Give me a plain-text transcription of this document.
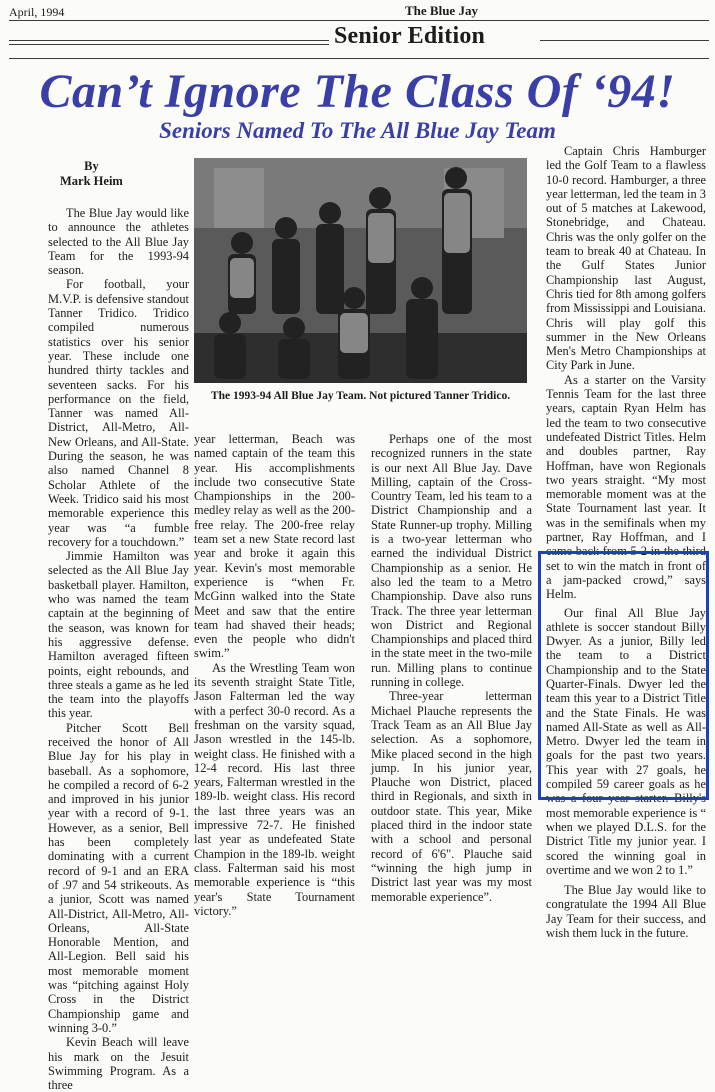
April, 1994	The Blue Jay
Senior Edition
Can’t Ignore The Class Of ‘94!
Seniors Named To The All Blue Jay Team
By
Mark Heim

The Blue Jay would like to announce the athletes selected to the All Blue Jay Team for the 1993-94 season.

For football, your M.V.P. is defensive standout Tanner Tridico. Tridico compiled numerous statistics over his senior year. These include one hundred thirty tackles and seventeen sacks. For his performance on the field, Tanner was named All-District, All-Metro, All-New Orleans, and All-State. During the season, he was also named Channel 8 Scholar Athlete of the Week. Tridico said his most memorable experience this year was “a fumble recovery for a touchdown.”

Jimmie Hamilton was selected as the All Blue Jay basketball player. Hamilton, who was named the team captain at the beginning of the season, was known for his aggressive defense. Hamilton averaged fifteen points, eight rebounds, and three steals a game as he led the team into the playoffs this year.

Pitcher Scott Bell received the honor of All Blue Jay for his play in baseball. As a sophomore, he compiled a record of 6-2 and improved in his junior year with a record of 9-1. However, as a senior, Bell has been completely dominating with a current record of 9-1 and an ERA of .97 and 54 strikeouts. As a junior, Scott was named All-District, All-Metro, All-Orleans, All-State Honorable Mention, and All-Legion. Bell said his most memorable moment was “pitching against Holy Cross in the District Championship game and winning 3-0.”

Kevin Beach will leave his mark on the Jesuit Swimming Program. As a three

The 1993-94 All Blue Jay Team. Not pictured Tanner Tridico.

year letterman, Beach was named captain of the team this year. His accomplishments include two consecutive State Championships in the 200-medley relay as well as the 200-free relay. The 200-free relay team set a new State record last year and broke it again this year. Kevin's most memorable experience is “when Fr. McGinn walked into the State Meet and saw that the entire team had shaved their heads; even the people who didn't swim.”

As the Wrestling Team won its seventh straight State Title, Jason Falterman led the way with a perfect 30-0 record. As a freshman on the varsity squad, Jason wrestled in the 145-lb. weight class. He finished with a 12-4 record. His last three years, Falterman wrestled in the 189-lb. weight class. His record the last three years was an impressive 72-7. He finished last year as undefeated State Champion in the 189-lb. weight class. Falterman said his most memorable experience is “this year's State Tournament victory.”

Perhaps one of the most recognized runners in the state is our next All Blue Jay. Dave Milling, captain of the Cross-Country Team, led his team to a District Championship and a State Runner-up trophy. Milling is a two-year letterman who earned the individual District Championship as a senior. He also led the team to a Metro Championship. Dave also runs Track. The three year letterman won District and Regional Championships and placed third in the state meet in the two-mile run. Milling plans to continue running in college.

Three-year letterman Michael Plauche represents the Track Team as an All Blue Jay selection. As a sophomore, Mike placed second in the high jump. In his junior year, Plauche won District, placed third in Regionals, and sixth in outdoor state. This year, Mike placed third in the indoor state with a school and personal record of 6'6". Plauche said “winning the high jump in District last year was my most memorable experience”.

Captain Chris Hamburger led the Golf Team to a flawless 10-0 record. Hamburger, a three year letterman, led the team in 3 out of 5 matches at Lakewood, Stonebridge, and Chateau. Chris was the only golfer on the team to break 40 at Chateau. In the Gulf States Junior Championship last August, Chris tied for 8th among golfers from Mississippi and Louisiana. Chris will play golf this summer in the New Orleans Men's Metro Championships at City Park in June.

As a starter on the Varsity Tennis Team for the last three years, captain Ryan Helm has led the team to two consecutive undefeated District Titles. Helm and doubles partner, Ray Hoffman, have won Regionals two years straight. “My most memorable moment was at the State Tournament last year. It was in the semifinals when my partner, Ray Hoffman, and I came back from 5-2 in the third set to win the match in front of a jam-packed crowd,” says Helm.

Our final All Blue Jay athlete is soccer standout Billy Dwyer. As a junior, Billy led the team to a District Championship and to the State Quarter-Finals. Dwyer led the team this year to a District Title and the State Finals. He was named All-State as well as All-Metro. Dwyer led the team in goals for the past two years. This year with 27 goals, he compiled 59 career goals as he was a four year starter. Billy's most memorable experience is “ when we played D.L.S. for the District Title my junior year. I scored the winning goal in overtime and we won 2 to 1.”

The Blue Jay would like to congratulate the 1994 All Blue Jay Team for their success, and wish them luck in the future.
